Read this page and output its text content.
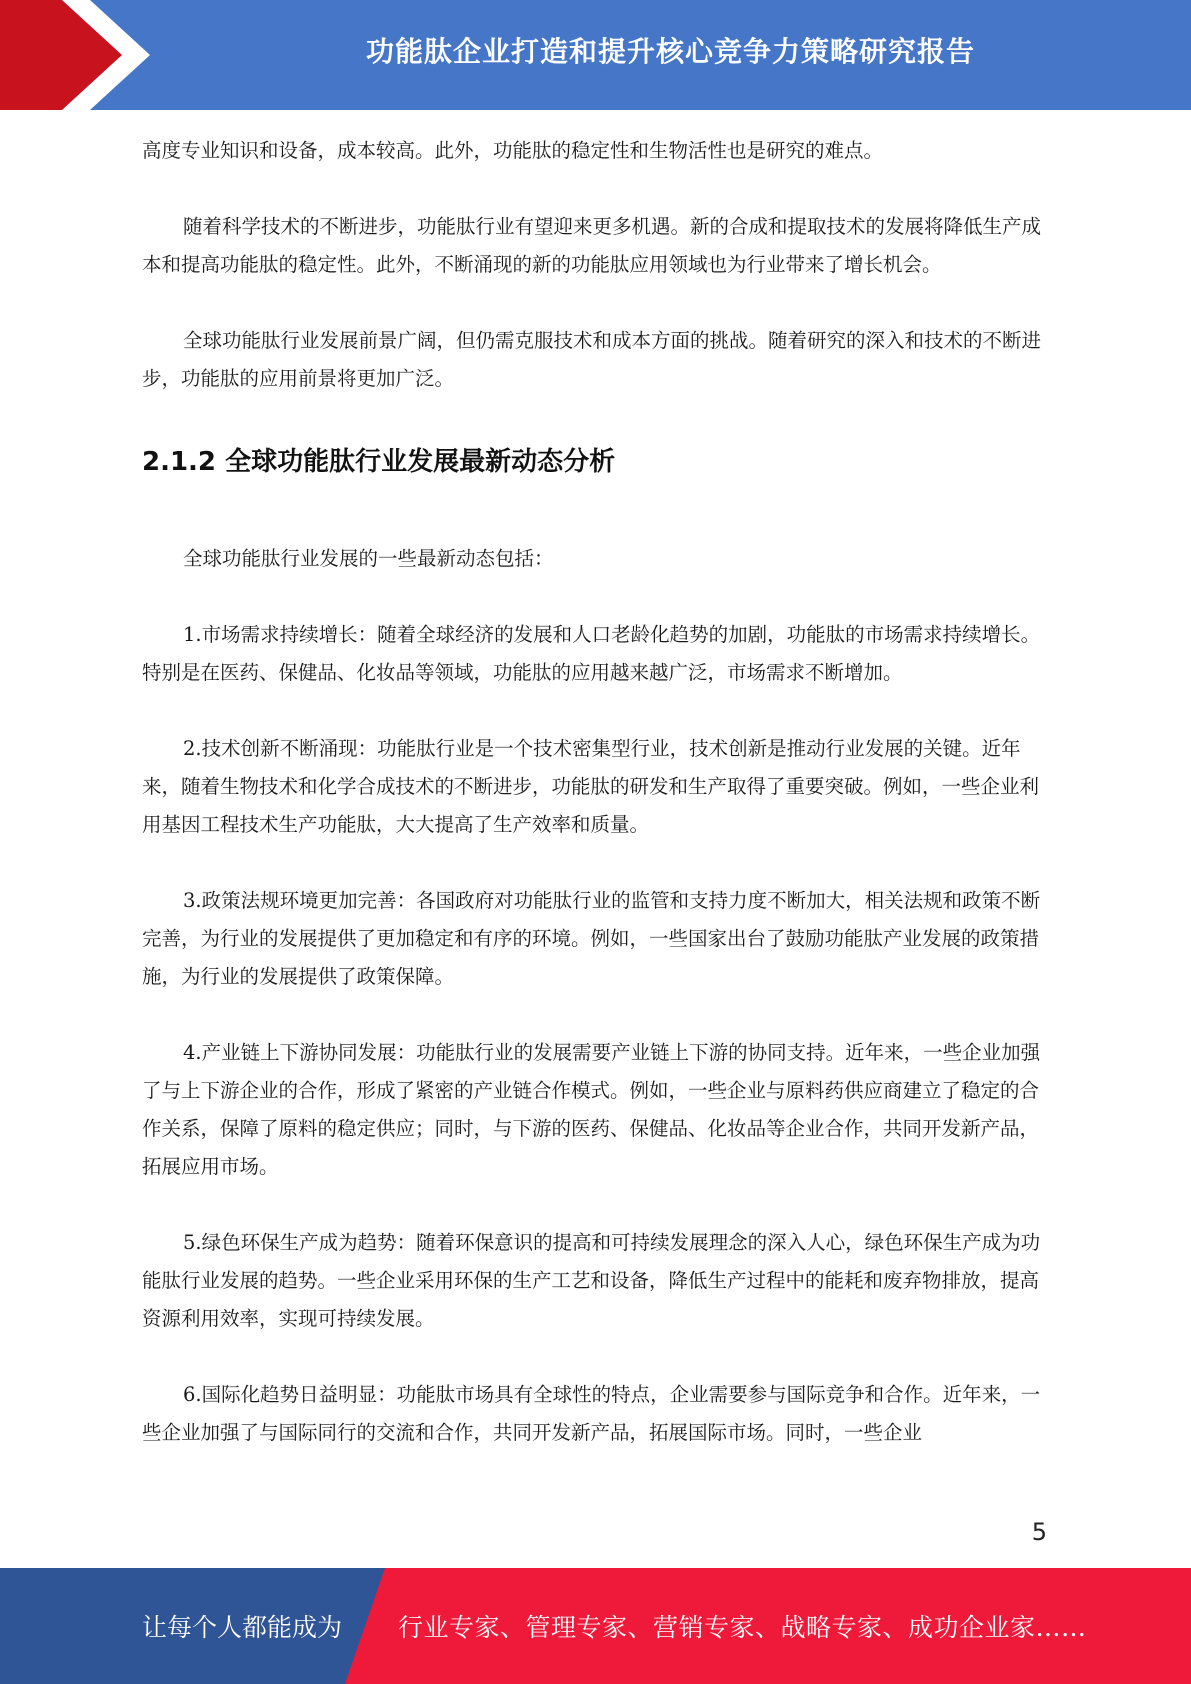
功能肽企业打造和提升核心竞争力策略研究报告

高度专业知识和设备，成本较高。此外，功能肽的稳定性和生物活性也是研究的难点。

随着科学技术的不断进步，功能肽行业有望迎来更多机遇。新的合成和提取技术的发展将降低生产成本和提高功能肽的稳定性。此外，不断涌现的新的功能肽应用领域也为行业带来了增长机会。

全球功能肽行业发展前景广阔，但仍需克服技术和成本方面的挑战。随着研究的深入和技术的不断进步，功能肽的应用前景将更加广泛。

2.1.2 全球功能肽行业发展最新动态分析

全球功能肽行业发展的一些最新动态包括：

1.市场需求持续增长：随着全球经济的发展和人口老龄化趋势的加剧，功能肽的市场需求持续增长。特别是在医药、保健品、化妆品等领域，功能肽的应用越来越广泛，市场需求不断增加。

2.技术创新不断涌现：功能肽行业是一个技术密集型行业，技术创新是推动行业发展的关键。近年来，随着生物技术和化学合成技术的不断进步，功能肽的研发和生产取得了重要突破。例如，一些企业利用基因工程技术生产功能肽，大大提高了生产效率和质量。

3.政策法规环境更加完善：各国政府对功能肽行业的监管和支持力度不断加大，相关法规和政策不断完善，为行业的发展提供了更加稳定和有序的环境。例如，一些国家出台了鼓励功能肽产业发展的政策措施，为行业的发展提供了政策保障。

4.产业链上下游协同发展：功能肽行业的发展需要产业链上下游的协同支持。近年来，一些企业加强了与上下游企业的合作，形成了紧密的产业链合作模式。例如，一些企业与原料药供应商建立了稳定的合作关系，保障了原料的稳定供应；同时，与下游的医药、保健品、化妆品等企业合作，共同开发新产品，拓展应用市场。

5.绿色环保生产成为趋势：随着环保意识的提高和可持续发展理念的深入人心，绿色环保生产成为功能肽行业发展的趋势。一些企业采用环保的生产工艺和设备，降低生产过程中的能耗和废弃物排放，提高资源利用效率，实现可持续发展。

6.国际化趋势日益明显：功能肽市场具有全球性的特点，企业需要参与国际竞争和合作。近年来，一些企业加强了与国际同行的交流和合作，共同开发新产品，拓展国际市场。同时，一些企业

5
让每个人都能成为 行业专家、管理专家、营销专家、战略专家、成功企业家……
